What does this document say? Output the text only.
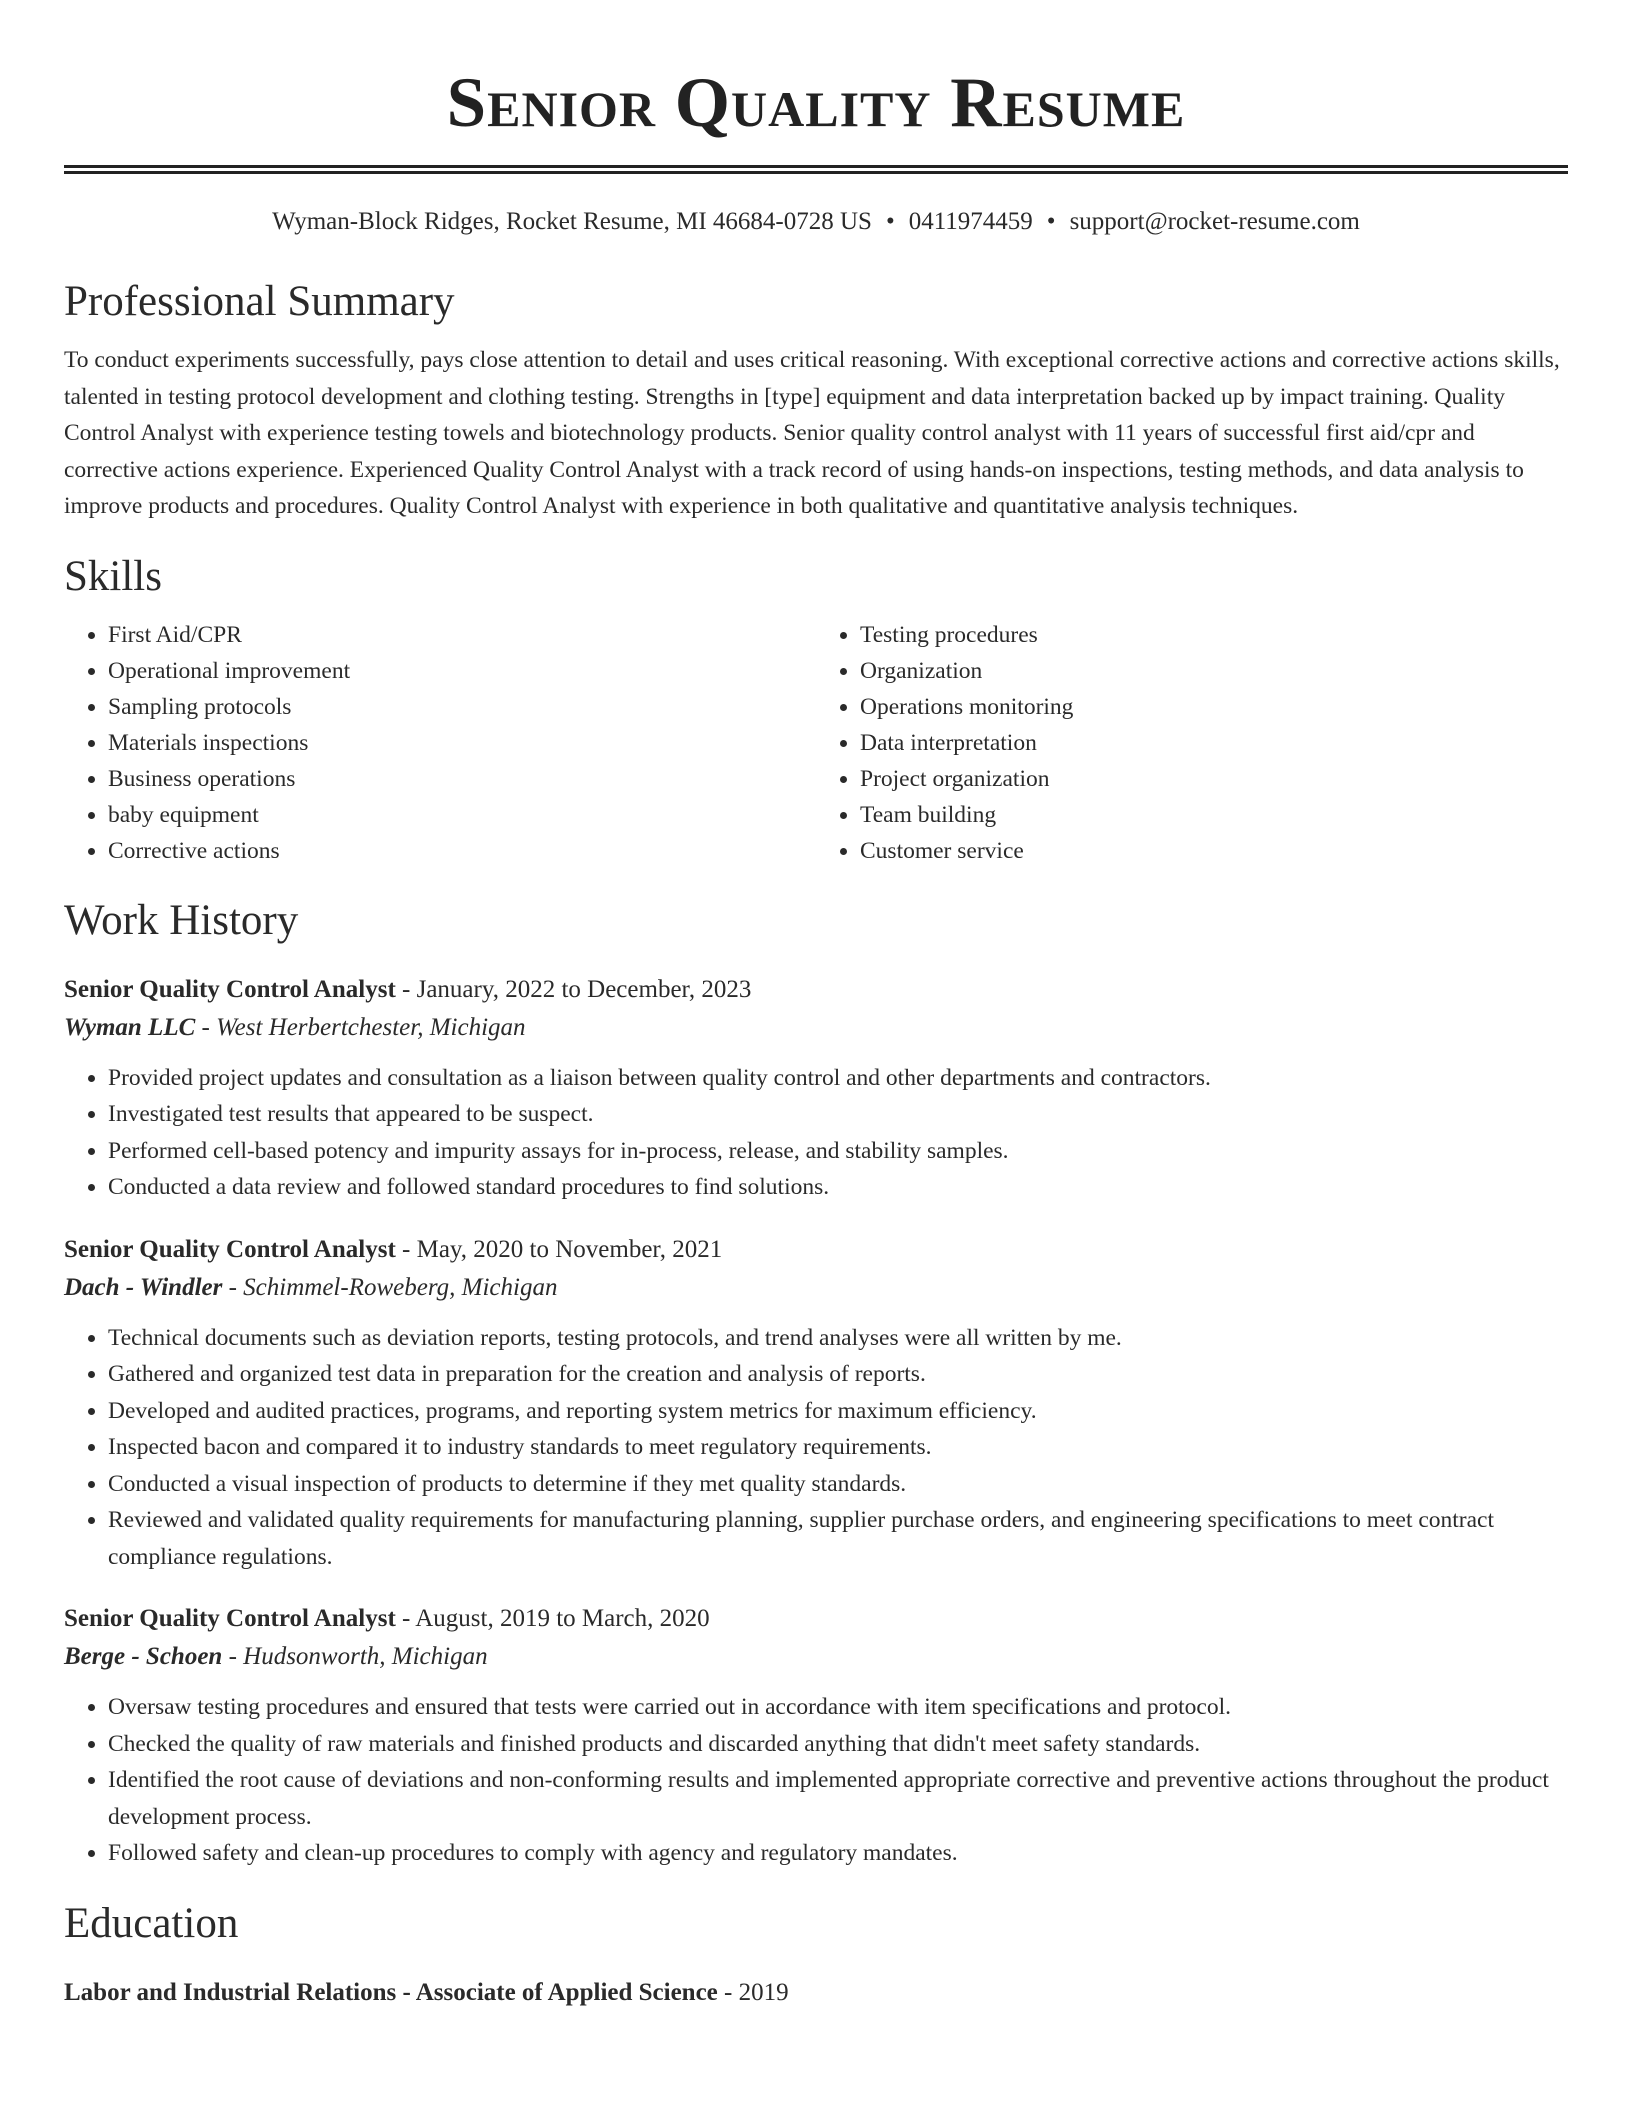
Senior Quality Resume
Wyman-Block Ridges, Rocket Resume, MI 46684-0728 US • 0411974459 • support@rocket-resume.com
Professional Summary

To conduct experiments successfully, pays close attention to detail and uses critical reasoning. With exceptional corrective actions and corrective actions skills, talented in testing protocol development and clothing testing. Strengths in [type] equipment and data interpretation backed up by impact training. Quality Control Analyst with experience testing towels and biotechnology products. Senior quality control analyst with 11 years of successful first aid/cpr and corrective actions experience. Experienced Quality Control Analyst with a track record of using hands-on inspections, testing methods, and data analysis to improve products and procedures. Quality Control Analyst with experience in both qualitative and quantitative analysis techniques.

Skills
• First Aid/CPR
• Operational improvement
• Sampling protocols
• Materials inspections
• Business operations
• baby equipment
• Corrective actions
• Testing procedures
• Organization
• Operations monitoring
• Data interpretation
• Project organization
• Team building
• Customer service
Work History
Senior Quality Control Analyst - January, 2022 to December, 2023
Wyman LLC - West Herbertchester, Michigan
• Provided project updates and consultation as a liaison between quality control and other departments and contractors.
• Investigated test results that appeared to be suspect.
• Performed cell-based potency and impurity assays for in-process, release, and stability samples.
• Conducted a data review and followed standard procedures to find solutions.
Senior Quality Control Analyst - May, 2020 to November, 2021
Dach - Windler - Schimmel-Roweberg, Michigan
• Technical documents such as deviation reports, testing protocols, and trend analyses were all written by me.
• Gathered and organized test data in preparation for the creation and analysis of reports.
• Developed and audited practices, programs, and reporting system metrics for maximum efficiency.
• Inspected bacon and compared it to industry standards to meet regulatory requirements.
• Conducted a visual inspection of products to determine if they met quality standards.
• Reviewed and validated quality requirements for manufacturing planning, supplier purchase orders, and engineering specifications to meet contract compliance regulations.
Senior Quality Control Analyst - August, 2019 to March, 2020
Berge - Schoen - Hudsonworth, Michigan
• Oversaw testing procedures and ensured that tests were carried out in accordance with item specifications and protocol.
• Checked the quality of raw materials and finished products and discarded anything that didn't meet safety standards.
• Identified the root cause of deviations and non-conforming results and implemented appropriate corrective and preventive actions throughout the product development process.
• Followed safety and clean-up procedures to comply with agency and regulatory mandates.
Education
Labor and Industrial Relations - Associate of Applied Science - 2019
